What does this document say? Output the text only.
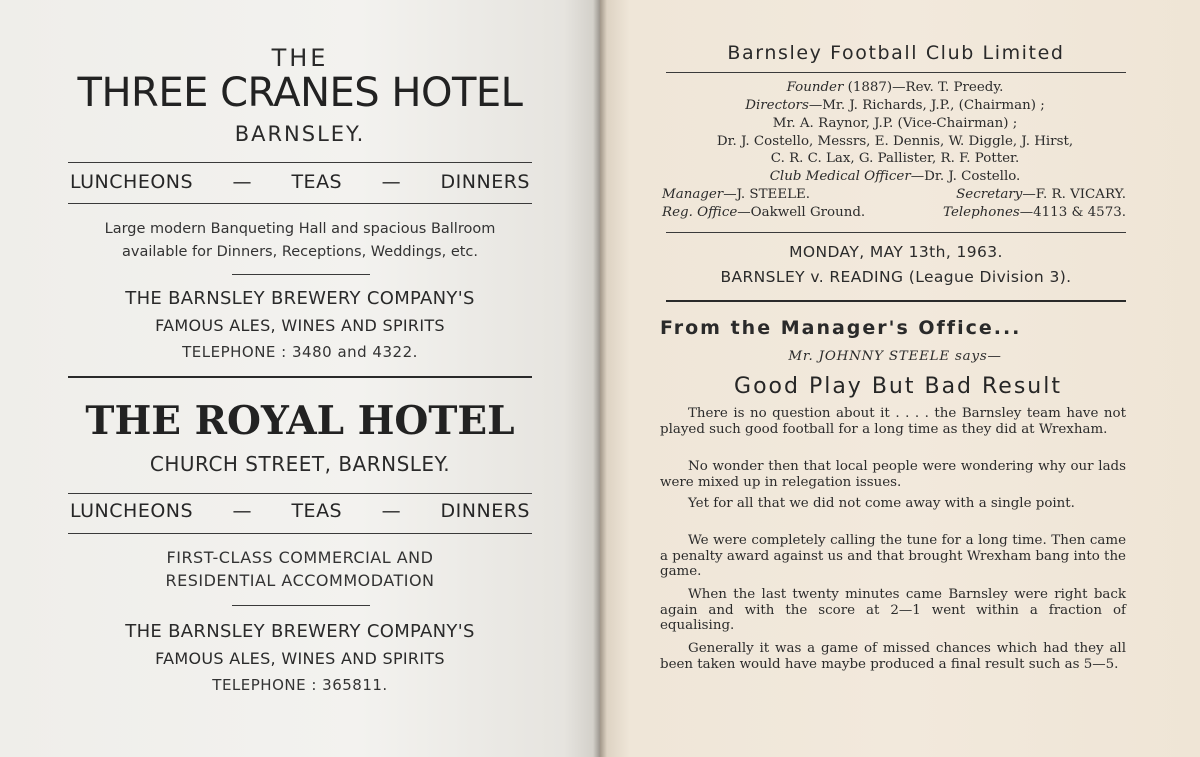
THE
THREE CRANES HOTEL
BARNSLEY.
LUNCHEONS — TEAS — DINNERS
Large modern Banqueting Hall and spacious Ballroom
available for Dinners, Receptions, Weddings, etc.
THE BARNSLEY BREWERY COMPANY'S
FAMOUS ALES, WINES AND SPIRITS
TELEPHONE : 3480 and 4322.
THE ROYAL HOTEL
CHURCH STREET, BARNSLEY.
LUNCHEONS — TEAS — DINNERS
FIRST-CLASS COMMERCIAL AND
RESIDENTIAL ACCOMMODATION
THE BARNSLEY BREWERY COMPANY'S
FAMOUS ALES, WINES AND SPIRITS
TELEPHONE : 365811.
Barnsley Football Club Limited
Founder (1887)—Rev. T. Preedy.
Directors—Mr. J. Richards, J.P., (Chairman) ;
Mr. A. Raynor, J.P. (Vice-Chairman) ;
Dr. J. Costello, Messrs, E. Dennis, W. Diggle, J. Hirst,
C. R. C. Lax, G. Pallister, R. F. Potter.
Club Medical Officer—Dr. J. Costello.
Manager—J. STEELE.	Secretary—F. R. VICARY.
Reg. Office—Oakwell Ground.	Telephones—4113 & 4573.
MONDAY, MAY 13th, 1963.
BARNSLEY v. READING (League Division 3).
From the Manager's Office...
Mr. JOHNNY STEELE says—
Good Play But Bad Result
There is no question about it . . . . the Barnsley team have not played such good football for a long time as they did at Wrexham.
No wonder then that local people were wondering why our lads were mixed up in relegation issues.
Yet for all that we did not come away with a single point.
We were completely calling the tune for a long time. Then came a penalty award against us and that brought Wrexham bang into the game.
When the last twenty minutes came Barnsley were right back again and with the score at 2—1 went within a fraction of equalising.
Generally it was a game of missed chances which had they all been taken would have maybe produced a final result such as 5—5.
